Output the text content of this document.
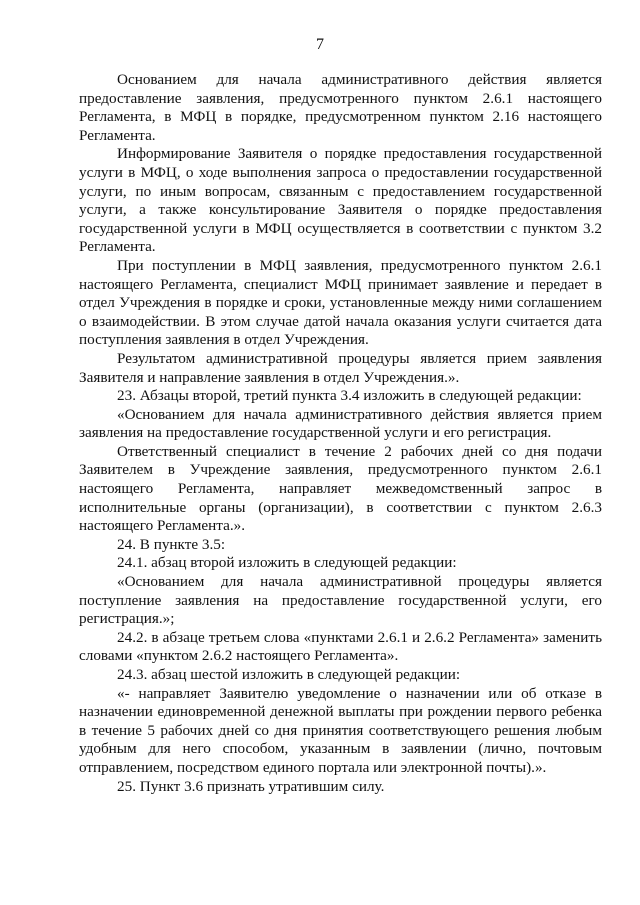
7

Основанием для начала административного действия является предоставление заявления, предусмотренного пунктом 2.6.1 настоящего Регламента, в МФЦ в порядке, предусмотренном пунктом 2.16 настоящего Регламента.

Информирование Заявителя о порядке предоставления государственной услуги в МФЦ, о ходе выполнения запроса о предоставлении государственной услуги, по иным вопросам, связанным с предоставлением государственной услуги, а также консультирование Заявителя о порядке предоставления государственной услуги в МФЦ осуществляется в соответствии с пунктом 3.2 Регламента.

При поступлении в МФЦ заявления, предусмотренного пунктом 2.6.1 настоящего Регламента, специалист МФЦ принимает заявление и передает в отдел Учреждения в порядке и сроки, установленные между ними соглашением о взаимодействии. В этом случае датой начала оказания услуги считается дата поступления заявления в отдел Учреждения.

Результатом административной процедуры является прием заявления Заявителя и направление заявления в отдел Учреждения.».

23. Абзацы второй, третий пункта 3.4 изложить в следующей редакции:

«Основанием для начала административного действия является прием заявления на предоставление государственной услуги и его регистрация.

Ответственный специалист в течение 2 рабочих дней со дня подачи Заявителем в Учреждение заявления, предусмотренного пунктом 2.6.1 настоящего Регламента, направляет межведомственный запрос в исполнительные органы (организации), в соответствии с пунктом 2.6.3 настоящего Регламента.».

24. В пункте 3.5:

24.1. абзац второй изложить в следующей редакции:

«Основанием для начала административной процедуры является поступление заявления на предоставление государственной услуги, его регистрация.»;

24.2. в абзаце третьем слова «пунктами 2.6.1 и 2.6.2 Регламента» заменить словами «пунктом 2.6.2 настоящего Регламента».

24.3. абзац шестой изложить в следующей редакции:

«- направляет Заявителю уведомление о назначении или об отказе в назначении единовременной денежной выплаты при рождении первого ребенка в течение 5 рабочих дней со дня принятия соответствующего решения любым удобным для него способом, указанным в заявлении (лично, почтовым отправлением, посредством единого портала или электронной почты).».

25. Пункт 3.6 признать утратившим силу.
